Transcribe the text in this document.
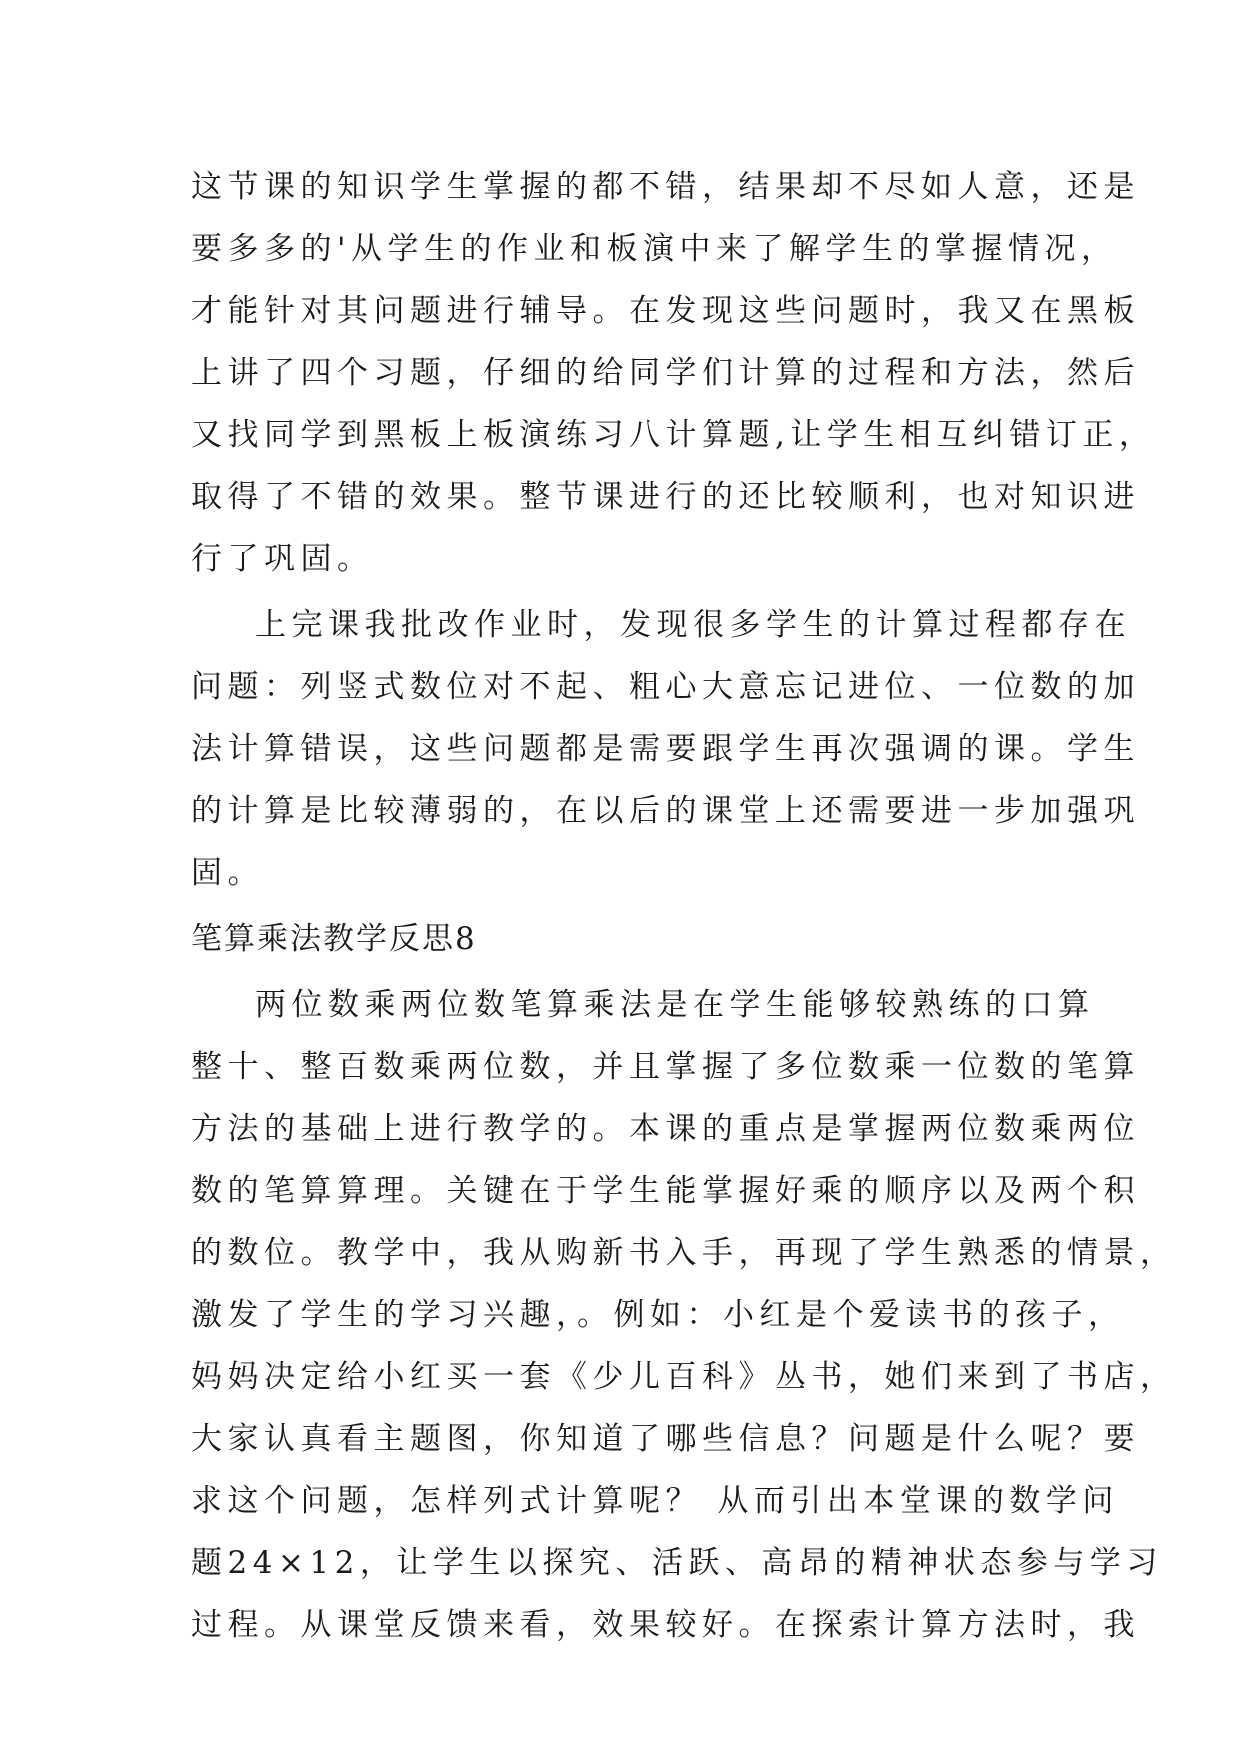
这节课的知识学生掌握的都不错，结果却不尽如人意，还是
要多多的'从学生的作业和板演中来了解学生的掌握情况，
才能针对其问题进行辅导。在发现这些问题时，我又在黑板
上讲了四个习题，仔细的给同学们计算的过程和方法，然后
又找同学到黑板上板演练习八计算题,让学生相互纠错订正，
取得了不错的效果。整节课进行的还比较顺利，也对知识进
行了巩固。
上完课我批改作业时，发现很多学生的计算过程都存在
问题：列竖式数位对不起、粗心大意忘记进位、一位数的加
法计算错误，这些问题都是需要跟学生再次强调的课。学生
的计算是比较薄弱的，在以后的课堂上还需要进一步加强巩
固。
笔算乘法教学反思8
两位数乘两位数笔算乘法是在学生能够较熟练的口算
整十、整百数乘两位数，并且掌握了多位数乘一位数的笔算
方法的基础上进行教学的。本课的重点是掌握两位数乘两位
数的笔算算理。关键在于学生能掌握好乘的顺序以及两个积
的数位。教学中，我从购新书入手，再现了学生熟悉的情景，
激发了学生的学习兴趣，。例如：小红是个爱读书的孩子，
妈妈决定给小红买一套《少儿百科》丛书，她们来到了书店，
大家认真看主题图，你知道了哪些信息？问题是什么呢？要
求这个问题，怎样列式计算呢？ 从而引出本堂课的数学问
题24×12，让学生以探究、活跃、高昂的精神状态参与学习
过程。从课堂反馈来看，效果较好。在探索计算方法时，我
